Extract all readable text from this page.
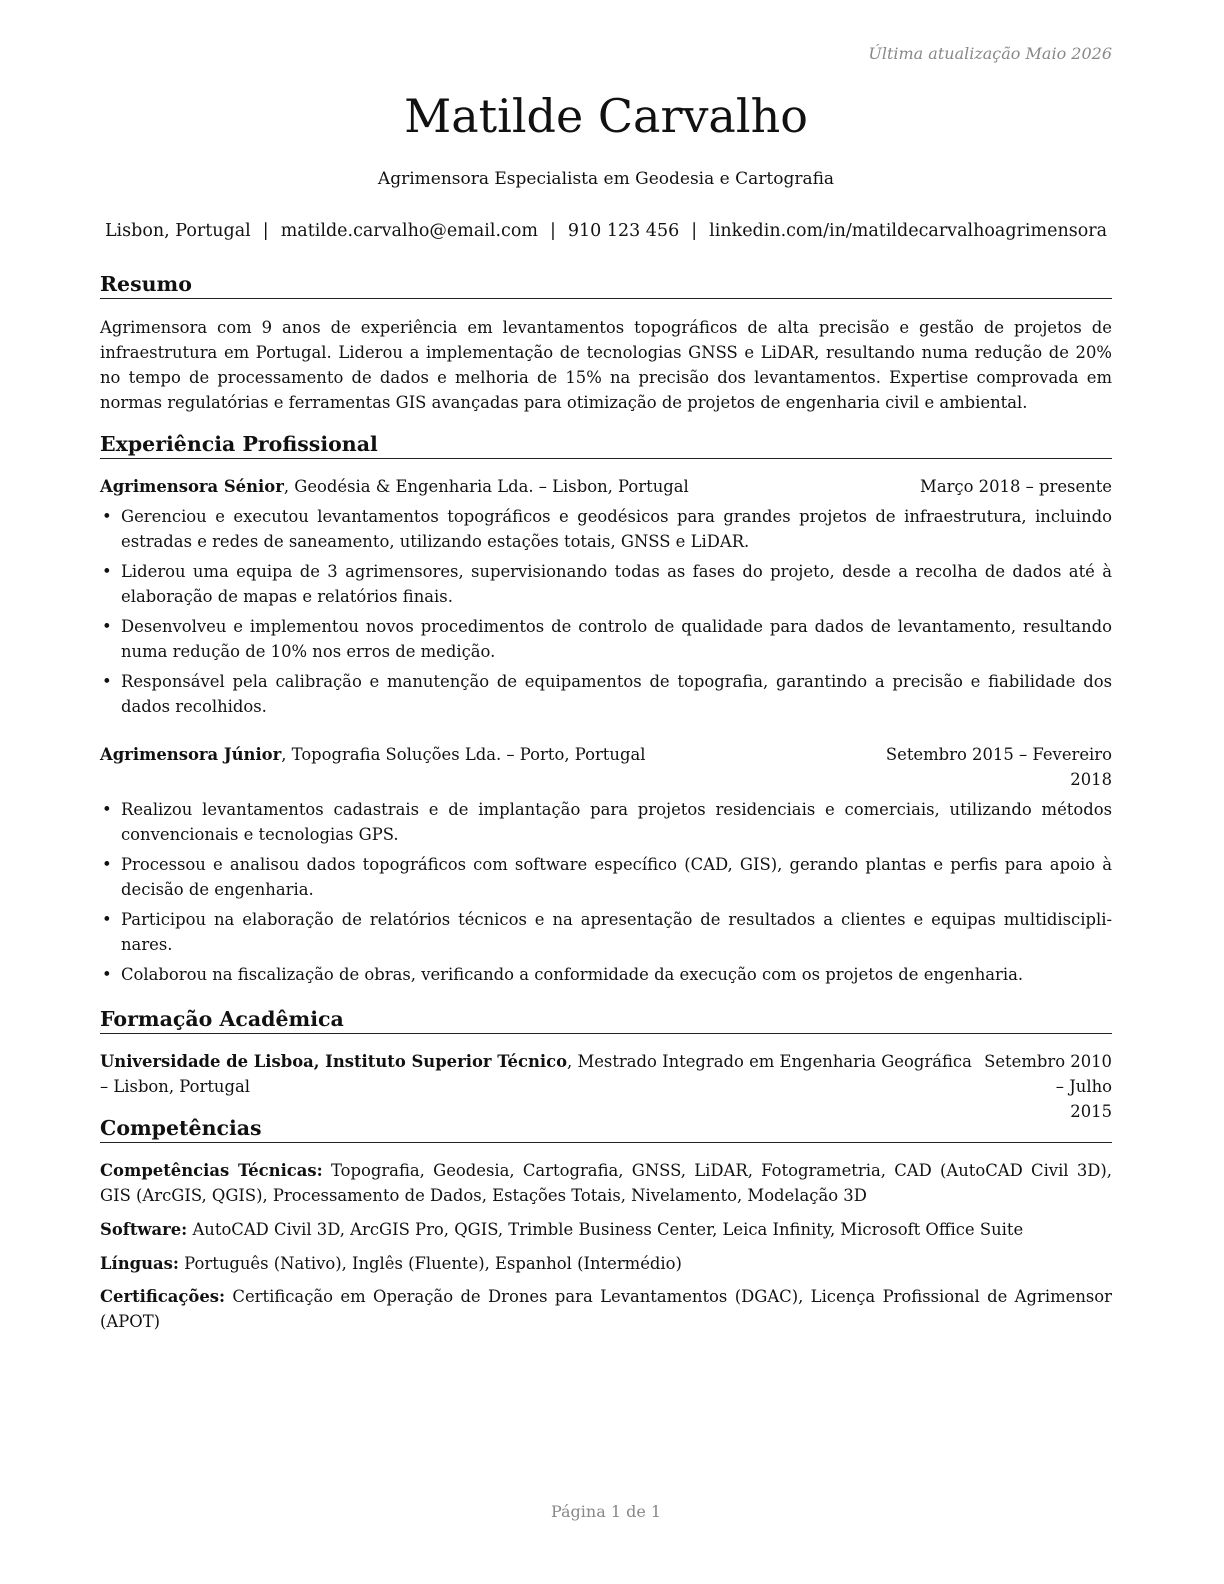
Última atualização Maio 2026
Matilde Carvalho
Agrimensora Especialista em Geodesia e Cartografia
Lisbon, Portugal | matilde.carvalho@email.com | 910 123 456 | linkedin.com/in/matildecarvalhoagrimensora
Resumo
Agrimensora com 9 anos de experiência em levantamentos topográficos de alta precisão e gestão de projetos de infraestrutura em Portugal. Liderou a implementação de tecnologias GNSS e LiDAR, resultando numa redução de 20% no tempo de processamento de dados e melhoria de 15% na precisão dos levantamentos. Expertise comprovada em normas regulatórias e ferramentas GIS avançadas para otimização de projetos de engenharia civil e ambiental.
Experiência Profissional
Agrimensora Sénior, Geodésia & Engenharia Lda. – Lisbon, Portugal	Março 2018 – presente
• Gerenciou e executou levantamentos topográficos e geodésicos para grandes projetos de infraestrutura, incluindo estradas e redes de saneamento, utilizando estações totais, GNSS e LiDAR.
• Liderou uma equipa de 3 agrimensores, supervisionando todas as fases do projeto, desde a recolha de dados até à elaboração de mapas e relatórios finais.
• Desenvolveu e implementou novos procedimentos de controlo de qualidade para dados de levantamento, resultando numa redução de 10% nos erros de medição.
• Responsável pela calibração e manutenção de equipamentos de topografia, garantindo a precisão e fiabilidade dos dados recolhidos.
Agrimensora Júnior, Topografia Soluções Lda. – Porto, Portugal	Setembro 2015 – Fevereiro
2018
• Realizou levantamentos cadastrais e de implantação para projetos residenciais e comerciais, utilizando métodos convencionais e tecnologias GPS.
• Processou e analisou dados topográficos com software específico (CAD, GIS), gerando plantas e perfis para apoio à decisão de engenharia.
• Participou na elaboração de relatórios técnicos e na apresentação de resultados a clientes e equipas multidiscipli-nares.
• Colaborou na fiscalização de obras, verificando a conformidade da execução com os projetos de engenharia.
Formação Acadêmica
Universidade de Lisboa, Instituto Superior Técnico, Mestrado Integrado em Engenharia Geográfica – Lisbon, Portugal
Setembro 2010 – Julho
2015
Competências
Competências Técnicas: Topografia, Geodesia, Cartografia, GNSS, LiDAR, Fotogrametria, CAD (AutoCAD Civil 3D), GIS (ArcGIS, QGIS), Processamento de Dados, Estações Totais, Nivelamento, Modelação 3D
Software: AutoCAD Civil 3D, ArcGIS Pro, QGIS, Trimble Business Center, Leica Infinity, Microsoft Office Suite
Línguas: Português (Nativo), Inglês (Fluente), Espanhol (Intermédio)
Certificações: Certificação em Operação de Drones para Levantamentos (DGAC), Licença Profissional de Agrimensor (APOT)
Página 1 de 1
